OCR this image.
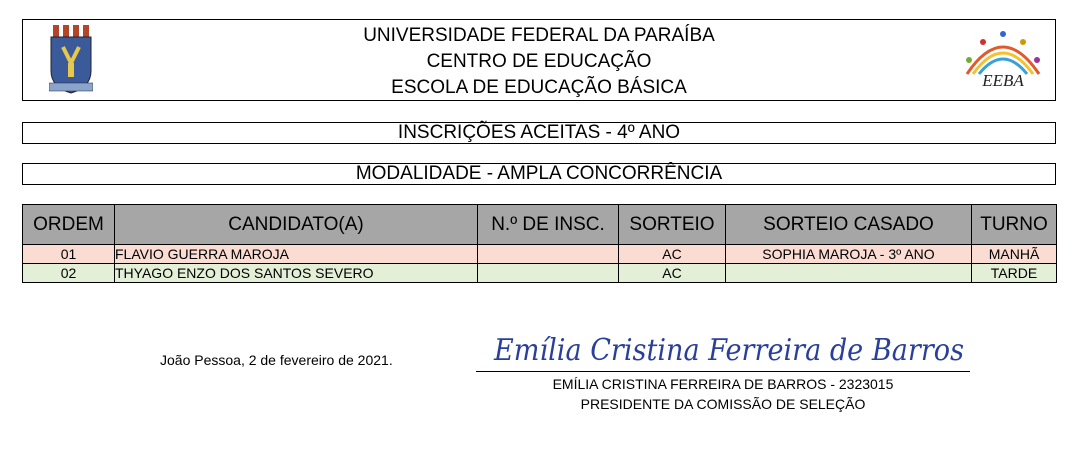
UNIVERSIDADE FEDERAL DA PARAÍBA
CENTRO DE EDUCAÇÃO
ESCOLA DE EDUCAÇÃO BÁSICA	EEBA
INSCRIÇÕES ACEITAS - 4º ANO
MODALIDADE - AMPLA CONCORRÊNCIA
ORDEM	CANDIDATO(A)	N.º DE INSC.	SORTEIO	SORTEIO CASADO	TURNO
01	FLAVIO GUERRA MAROJA		AC	SOPHIA MAROJA - 3º ANO	MANHÃ
02	THYAGO ENZO DOS SANTOS SEVERO		AC		TARDE
João Pessoa, 2 de fevereiro de 2021.	Emília Cristina Ferreira de Barros
EMÍLIA CRISTINA FERREIRA DE BARROS - 2323015
PRESIDENTE DA COMISSÃO DE SELEÇÃO
